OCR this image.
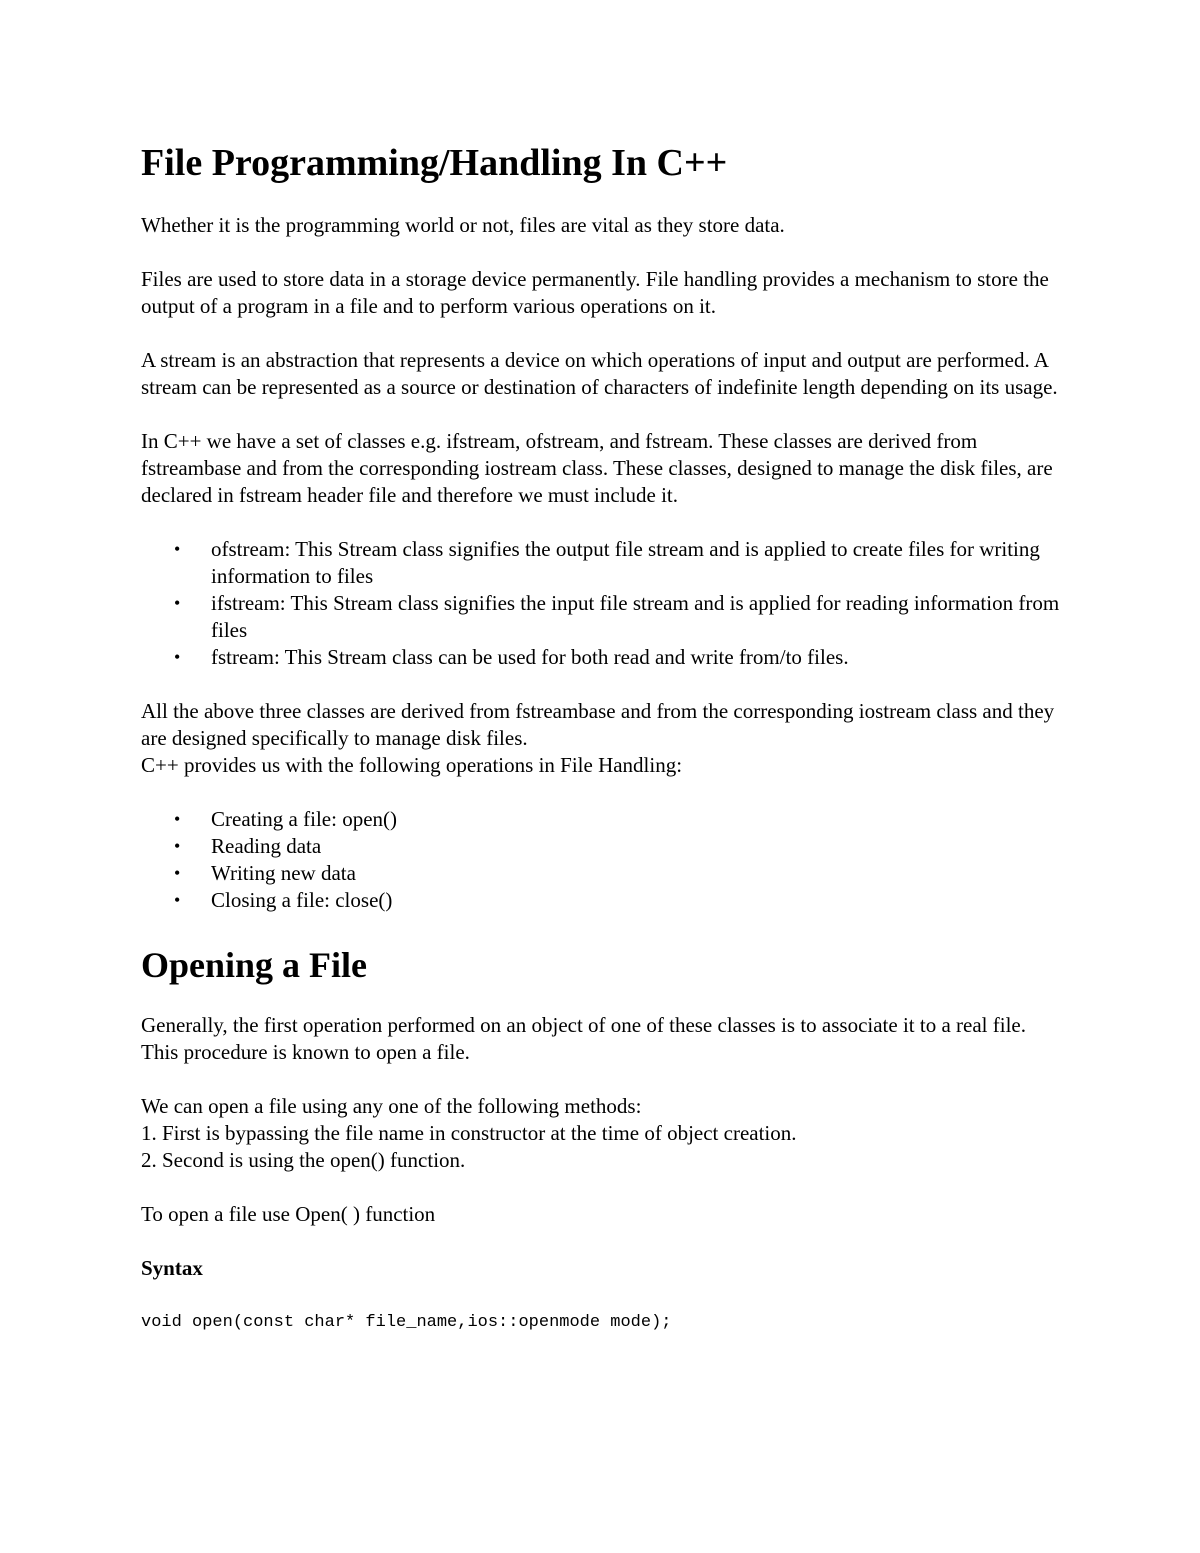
File Programming/Handling In C++

Whether it is the programming world or not, files are vital as they store data.

Files are used to store data in a storage device permanently. File handling provides a mechanism to store the output of a program in a file and to perform various operations on it.

A stream is an abstraction that represents a device on which operations of input and output are performed. A stream can be represented as a source or destination of characters of indefinite length depending on its usage.

In C++ we have a set of classes e.g. ifstream, ofstream, and fstream. These classes are derived from fstreambase and from the corresponding iostream class. These classes, designed to manage the disk files, are declared in fstream header file and therefore we must include it.

• ofstream: This Stream class signifies the output file stream and is applied to create files for writing information to files
• ifstream: This Stream class signifies the input file stream and is applied for reading information from files
• fstream: This Stream class can be used for both read and write from/to files.

All the above three classes are derived from fstreambase and from the corresponding iostream class and they are designed specifically to manage disk files.

C++ provides us with the following operations in File Handling:

• Creating a file: open()
• Reading data
• Writing new data
• Closing a file: close()
Opening a File

Generally, the first operation performed on an object of one of these classes is to associate it to a real file. This procedure is known to open a file.

We can open a file using any one of the following methods:

1. First is bypassing the file name in constructor at the time of object creation.

2. Second is using the open() function.

To open a file use Open( ) function

Syntax
void open(const char* file_name,ios::openmode mode);
